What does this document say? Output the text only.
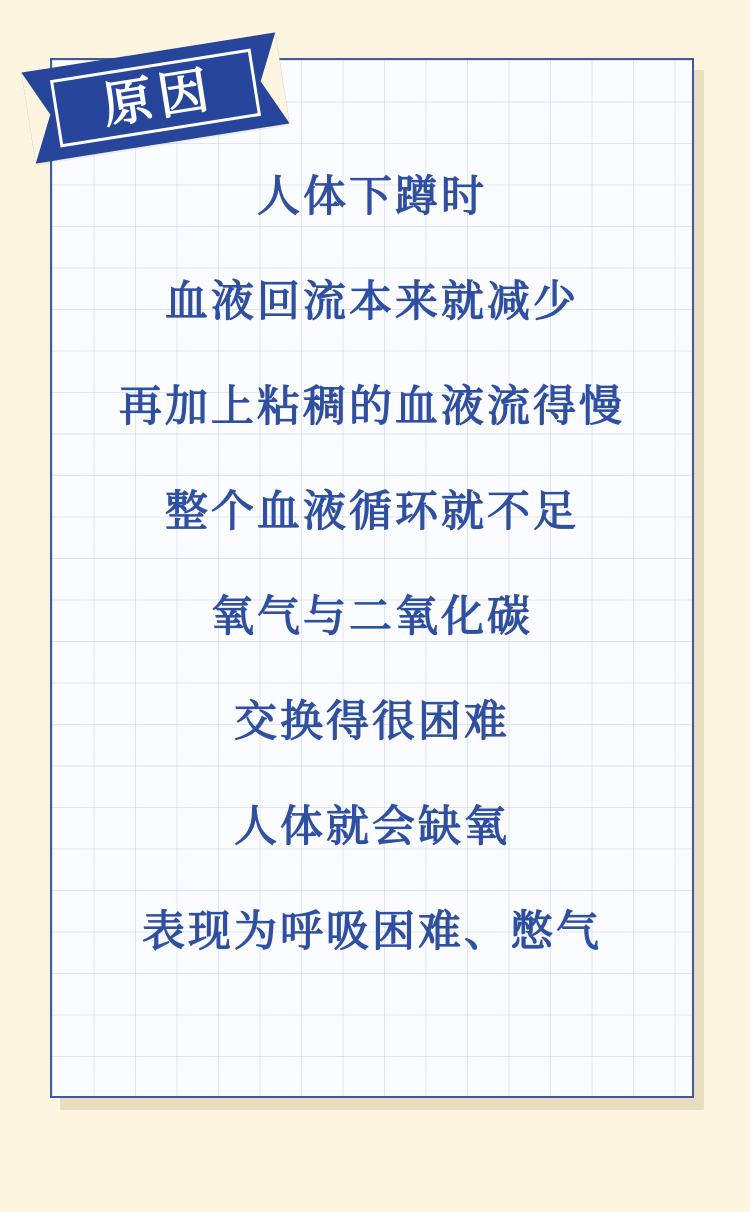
原因
人体下蹲时
血液回流本来就减少
再加上粘稠的血液流得慢
整个血液循环就不足
氧气与二氧化碳
交换得很困难
人体就会缺氧
表现为呼吸困难、憋气
